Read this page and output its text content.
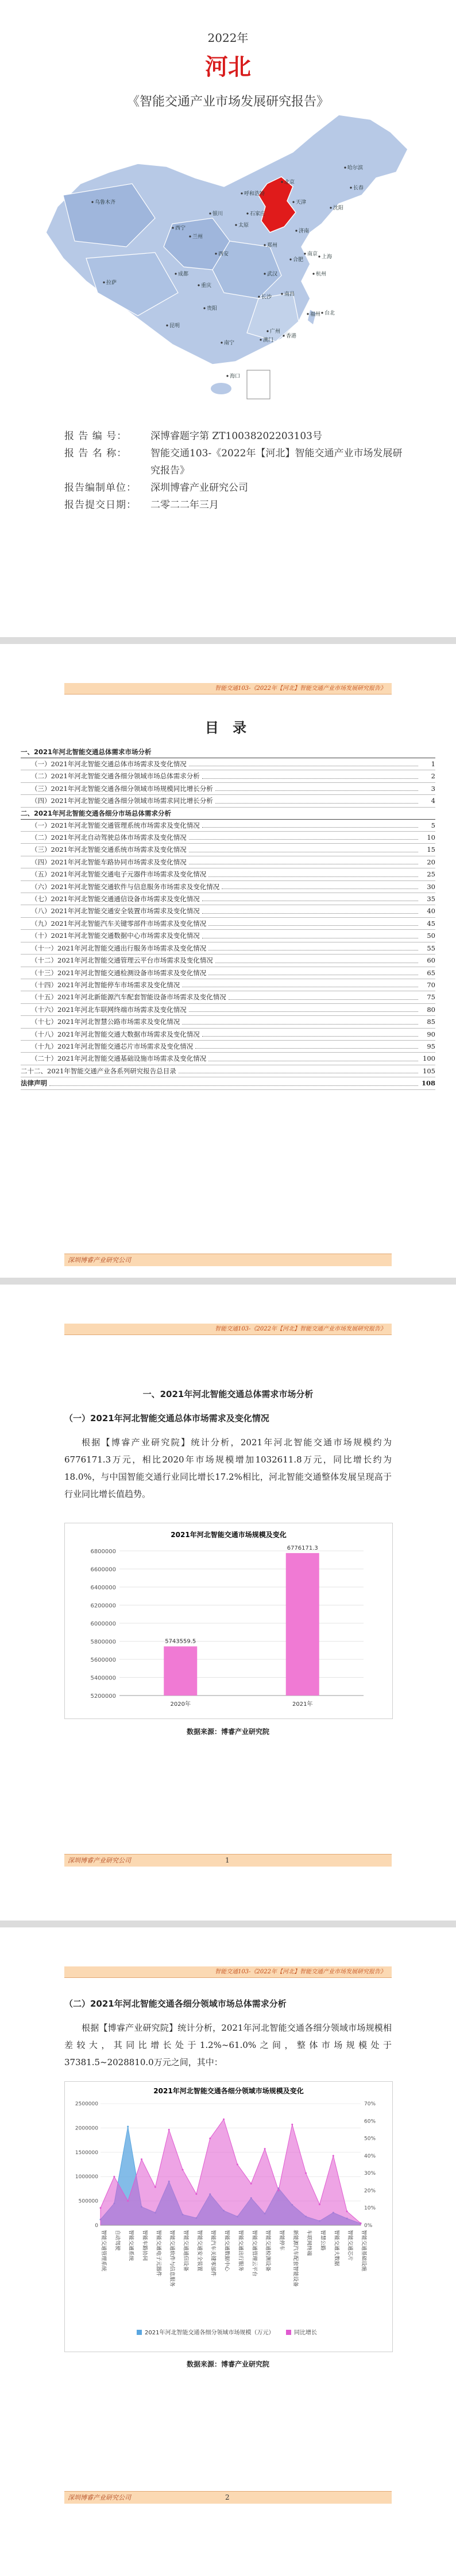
2022年
河北
《智能交通产业市场发展研究报告》
哈尔滨
乌鲁木齐
长春
沈阳
呼和浩特
北京
天津
银川	石家庄
太原
济南
西宁
兰州
郑州
拉萨
西安
合肥
南京 上海
成都
重庆
武汉	杭州
长沙 南昌
福州
贵阳
昆明
台北
广州
南宁
海口
香港
澳门
报 告 编 号：	深博睿题字第 ZT10038202203103号
报 告 名 称：	智能交通103-《2022年【河北】智能交通产业市场发展研究报告》
报告编制单位：	深圳博睿产业研究公司
报告提交日期：	二零二二年三月
智能交通103-《2022年【河北】智能交通产业市场发展研究报告》
目 录
一、2021年河北智能交通总体需求市场分析
（一）2021年河北智能交通总体市场需求及变化情况	1
（二）2021年河北智能交通各细分领域市场总体需求分析	2
（三）2021年河北智能交通各细分领域市场规模同比增长分析	3
（四）2021年河北智能交通各细分领域市场需求同比增长分析	4
二、2021年河北智能交通各细分市场总体需求分析
（一）2021年河北智能交通管理系统市场需求及变化情况	5
（二）2021年河北自动驾驶总体市场需求及变化情况	10
（三）2021年河北智能交通系统市场需求及变化情况	15
（四）2021年河北智能车路协同市场需求及变化情况	20
（五）2021年河北智能交通电子元器件市场需求及变化情况	25
（六）2021年河北智能交通软件与信息服务市场需求及变化情况	30
（七）2021年河北智能交通通信设备市场需求及变化情况	35
（八）2021年河北智能交通安全装置市场需求及变化情况	40
（九）2021年河北智能汽车关键零部件市场需求及变化情况	45
（十）2021年河北智能交通数据中心市场需求及变化情况	50
（十一）2021年河北智能交通出行服务市场需求及变化情况	55
（十二）2021年河北智能交通管理云平台市场需求及变化情况	60
（十三）2021年河北智能交通检测设备市场需求及变化情况	65
（十四）2021年河北智能停车市场需求及变化情况	70
（十五）2021年河北新能源汽车配套智能设备市场需求及变化情况	75
（十六）2021年河北车联网终端市场需求及变化情况	80
（十七）2021年河北智慧公路市场需求及变化情况	85
（十八）2021年河北智能交通大数据市场需求及变化情况	90
（十九）2021年河北智能交通芯片市场需求及变化情况	95
（二十）2021年河北智能交通基础设施市场需求及变化情况	100
二十二、2021年智能交通产业各系列研究报告总目录	105
法律声明	108
深圳博睿产业研究公司
智能交通103-《2022年【河北】智能交通产业市场发展研究报告》
一、2021年河北智能交通总体需求市场分析
（一）2021年河北智能交通总体市场需求及变化情况
根据【博睿产业研究院】统计分析，2021年河北智能交通市场规模约为6776171.3万元，相比2020年市场规模增加1032611.8万元，同比增长约为18.0%，与中国智能交通行业同比增长17.2%相比，河北智能交通整体发展呈现高于行业同比增长值趋势。
2021年河北智能交通市场规模及变化
5200000
5400000
5600000
5800000
6000000
6200000
6400000
6600000
6800000
5743559.5
2020年
6776171.3
2021年
数据来源：博睿产业研究院
深圳博睿产业研究公司	1
智能交通103-《2022年【河北】智能交通产业市场发展研究报告》
（二）2021年河北智能交通各细分领域市场总体需求分析
根据【博睿产业研究院】统计分析，2021年河北智能交通各细分领域市场规模相差较大，其同比增长处于1.2%~61.0%之间，整体市场规模处于37381.5~2028810.0万元之间，其中：
2021年河北智能交通各细分领域市场规模及变化
0
500000
1000000
1500000
2000000
2500000
0%
10%
20%
30%
40%
50%
60%
70%
智能交通管理系统 自动驾驶 智能交通系统 智能车路协同 智能交通电子元器件 智能交通软件与信息服务 智能交通通信设备 智能交通安全装置 智能汽车关键零部件 智能交通数据中心 智能交通出行服务 智能交通管理云平台 智能交通检测设备 智能停车 新能源汽车配套智能设备 车联网终端 智慧公路 智能交通大数据 智能交通芯片 智能交通基础设施
2021年河北智能交通各细分领域市场规模（万元）	同比增长
数据来源：博睿产业研究院
深圳博睿产业研究公司	2
